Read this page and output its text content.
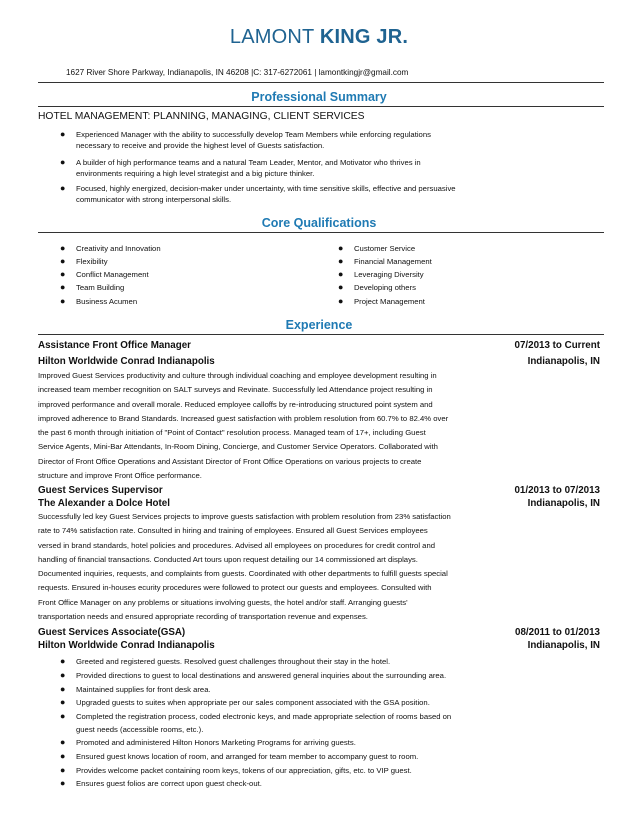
LAMONT KING JR.
1627 River Shore Parkway, Indianapolis, IN 46208 |C: 317-6272061 | lamontkingjr@gmail.com
Professional Summary
HOTEL MANAGEMENT: PLANNING, MANAGING, CLIENT SERVICES
● Experienced Manager with the ability to successfully develop Team Members while enforcing regulations
necessary to receive and provide the highest level of Guests satisfaction.
● A builder of high performance teams and a natural Team Leader, Mentor, and Motivator who thrives in
environments requiring a high level strategist and a big picture thinker.
● Focused, highly energized, decision-maker under uncertainty, with time sensitive skills, effective and persuasive
communicator with strong interpersonal skills.
Core Qualifications
● Creativity and Innovation
● Flexibility
● Conflict Management
● Team Building
● Business Acumen
● Customer Service
● Financial Management
● Leveraging Diversity
● Developing others
● Project Management
Experience
Assistance Front Office Manager	07/2013 to Current
Hilton Worldwide Conrad Indianapolis	Indianapolis, IN
Improved Guest Services productivity and culture through individual coaching and employee development resulting in
increased team member recognition on SALT surveys and Revinate. Successfully led Attendance project resulting in
improved performance and overall morale. Reduced employee calloffs by re-introducing structured point system and
improved adherence to Brand Standards. Increased guest satisfaction with problem resolution from 60.7% to 82.4% over
the past 6 month through initiation of "Point of Contact" resolution process. Managed team of 17+, including Guest
Service Agents, Mini-Bar Attendants, In-Room Dining, Concierge, and Customer Service Operators. Collaborated with
Director of Front Office Operations and Assistant Director of Front Office Operations on various projects to create
structure and improve Front Office performance.
Guest Services Supervisor	01/2013 to 07/2013
The Alexander a Dolce Hotel	Indianapolis, IN
Successfully led key Guest Services projects to improve guests satisfaction with problem resolution from 23% satisfaction
rate to 74% satisfaction rate. Consulted in hiring and training of employees. Ensured all Guest Services employees
versed in brand standards, hotel policies and procedures. Advised all employees on procedures for credit control and
handling of financial transactions. Conducted Art tours upon request detailing our 14 commissioned art displays.
Documented inquiries, requests, and complaints from guests. Coordinated with other departments to fulfill guests special
requests. Ensured in-houses ecurity procedures were followed to protect our guests and employees. Consulted with
Front Office Manager on any problems or situations involving guests, the hotel and/or staff. Arranging guests'
transportation needs and ensured appropriate recording of transportation revenue and expenses.
Guest Services Associate(GSA)	08/2011 to 01/2013
Hilton Worldwide Conrad Indianapolis	Indianapolis, IN
● Greeted and registered guests. Resolved guest challenges throughout their stay in the hotel.
● Provided directions to guest to local destinations and answered general inquiries about the surrounding area.
● Maintained supplies for front desk area.
● Upgraded guests to suites when appropriate per our sales component associated with the GSA position.
● Completed the registration process, coded electronic keys, and made appropriate selection of rooms based on
guest needs (accessible rooms, etc.).
● Promoted and administered Hilton Honors Marketing Programs for arriving guests.
● Ensured guest knows location of room, and arranged for team member to accompany guest to room.
● Provides welcome packet containing room keys, tokens of our appreciation, gifts, etc. to VIP guest.
● Ensures guest folios are correct upon guest check-out.
